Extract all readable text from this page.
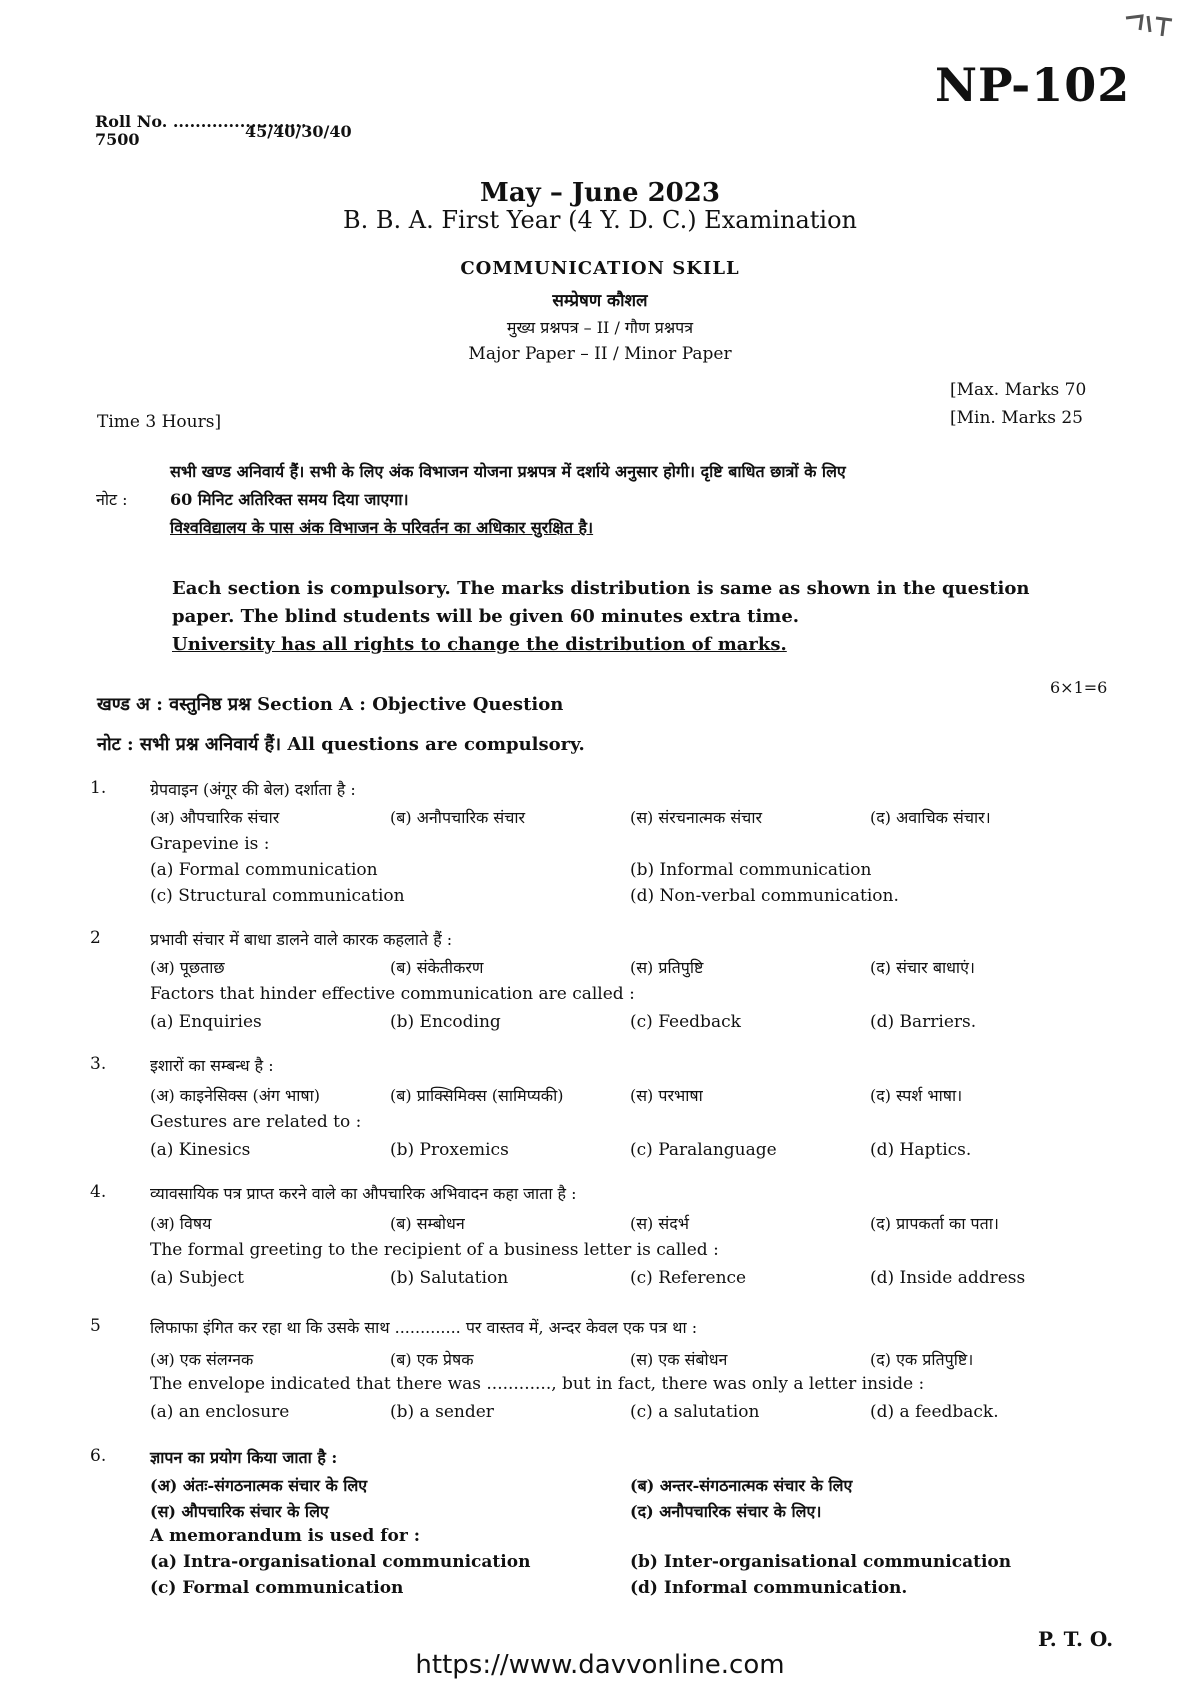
NP-102
Roll No. ........................
7500	45/40/30/40
May – June 2023
B. B. A. First Year (4 Y. D. C.) Examination
COMMUNICATION SKILL
सम्प्रेषण कौशल
मुख्य प्रश्नपत्र – II / गौण प्रश्नपत्र
Major Paper – II / Minor Paper
[Max. Marks 70
[Min. Marks 25
Time 3 Hours]
नोट :
सभी खण्ड अनिवार्य हैं। सभी के लिए अंक विभाजन योजना प्रश्नपत्र में दर्शाये अनुसार होगी। दृष्टि बाधित छात्रों के लिए
60 मिनिट अतिरिक्त समय दिया जाएगा।
विश्वविद्यालय के पास अंक विभाजन के परिवर्तन का अधिकार सुरक्षित है।
Each section is compulsory. The marks distribution is same as shown in the question
paper. The blind students will be given 60 minutes extra time.
University has all rights to change the distribution of marks.
खण्ड अ : वस्तुनिष्ठ प्रश्न Section A : Objective Question
6×1=6
नोट : सभी प्रश्न अनिवार्य हैं। All questions are compulsory.
1.	ग्रेपवाइन (अंगूर की बेल) दर्शाता है :
(अ) औपचारिक संचार	(ब) अनौपचारिक संचार	(स) संरचनात्मक संचार	(द) अवाचिक संचार।
Grapevine is :
(a) Formal communication	(b) Informal communication
(c) Structural communication	(d) Non-verbal communication.
2	प्रभावी संचार में बाधा डालने वाले कारक कहलाते हैं :
(अ) पूछताछ	(ब) संकेतीकरण	(स) प्रतिपुष्टि	(द) संचार बाधाएं।
Factors that hinder effective communication are called :
(a) Enquiries	(b) Encoding	(c) Feedback	(d) Barriers.
3.	इशारों का सम्बन्ध है :
(अ) काइनेसिक्स (अंग भाषा)	(ब) प्राक्सिमिक्स (सामिप्यकी)	(स) परभाषा	(द) स्पर्श भाषा।
Gestures are related to :
(a) Kinesics	(b) Proxemics	(c) Paralanguage	(d) Haptics.
4.	व्यावसायिक पत्र प्राप्त करने वाले का औपचारिक अभिवादन कहा जाता है :
(अ) विषय	(ब) सम्बोधन	(स) संदर्भ	(द) प्रापकर्ता का पता।
The formal greeting to the recipient of a business letter is called :
(a) Subject	(b) Salutation	(c) Reference	(d) Inside address
5	लिफाफा इंगित कर रहा था कि उसके साथ ............. पर वास्तव में, अन्दर केवल एक पत्र था :
(अ) एक संलग्नक	(ब) एक प्रेषक	(स) एक संबोधन	(द) एक प्रतिपुष्टि।
The envelope indicated that there was ............, but in fact, there was only a letter inside :
(a) an enclosure	(b) a sender	(c) a salutation	(d) a feedback.
6.	ज्ञापन का प्रयोग किया जाता है :
(अ) अंतः-संगठनात्मक संचार के लिए	(ब) अन्तर-संगठनात्मक संचार के लिए
(स) औपचारिक संचार के लिए	(द) अनौपचारिक संचार के लिए।
A memorandum is used for :
(a) Intra-organisational communication	(b) Inter-organisational communication
(c) Formal communication	(d) Informal communication.
P. T. O.
https://www.davvonline.com
